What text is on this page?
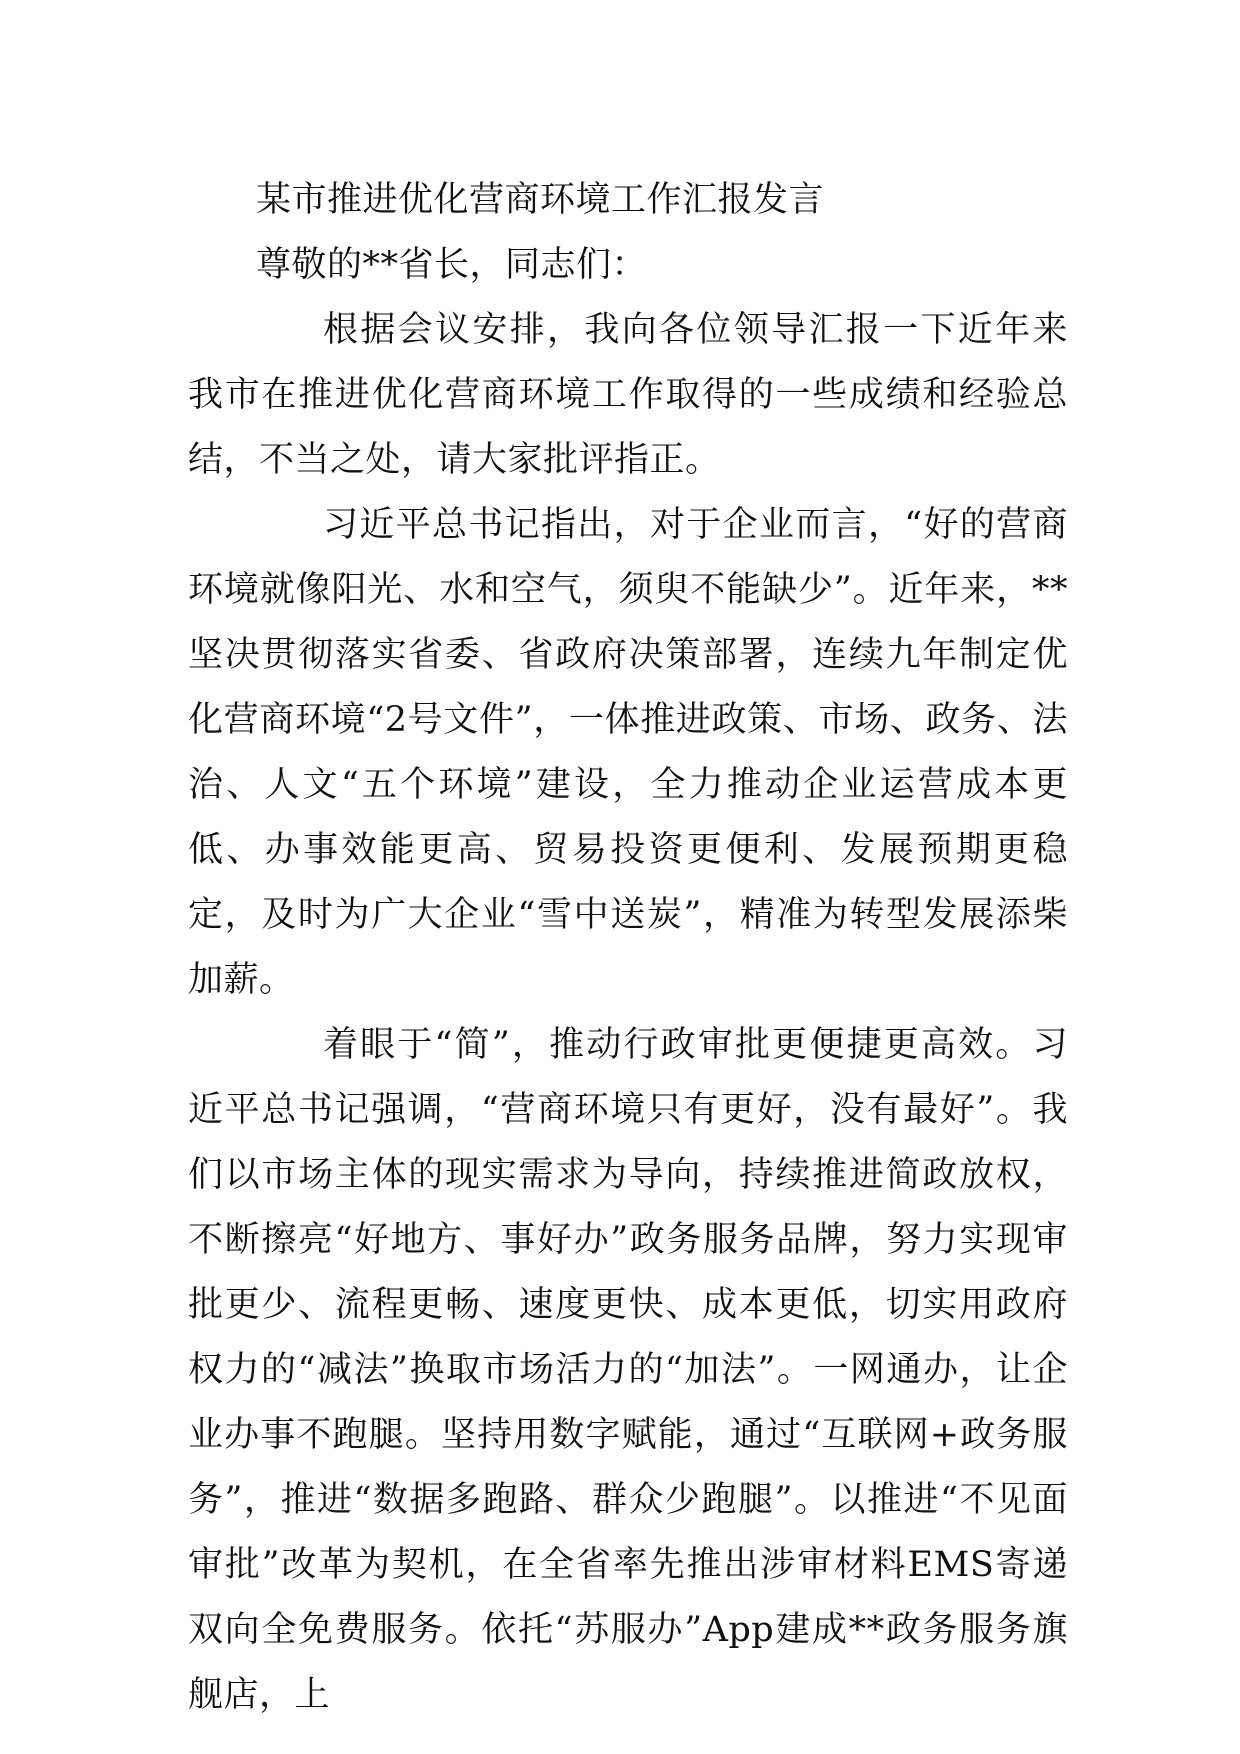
某市推进优化营商环境工作汇报发言

尊敬的**省长，同志们：

根据会议安排，我向各位领导汇报一下近年来我市在推进优化营商环境工作取得的一些成绩和经验总结，不当之处，请大家批评指正。

习近平总书记指出，对于企业而言，“好的营商环境就像阳光、水和空气，须臾不能缺少”。近年来，**坚决贯彻落实省委、省政府决策部署，连续九年制定优化营商环境“2号文件”，一体推进政策、市场、政务、法治、人文“五个环境”建设，全力推动企业运营成本更低、办事效能更高、贸易投资更便利、发展预期更稳定，及时为广大企业“雪中送炭”，精准为转型发展添柴加薪。

着眼于“简”，推动行政审批更便捷更高效。习近平总书记强调，“营商环境只有更好，没有最好”。我们以市场主体的现实需求为导向，持续推进简政放权，不断擦亮“好地方、事好办”政务服务品牌，努力实现审批更少、流程更畅、速度更快、成本更低，切实用政府权力的“减法”换取市场活力的“加法”。一网通办，让企业办事不跑腿。坚持用数字赋能，通过“互联网+政务服务”，推进“数据多跑路、群众少跑腿”。以推进“不见面审批”改革为契机，在全省率先推出涉审材料EMS寄递双向全免费服务。依托“苏服办”App建成**政务服务旗舰店，上
